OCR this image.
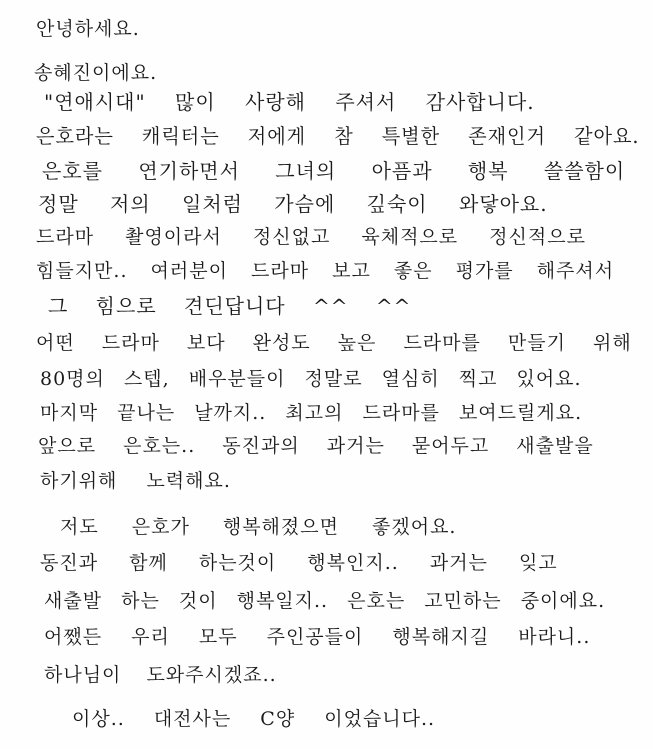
안녕하세요.
송혜진이에요.
"연애시대" 많이 사랑해 주셔서 감사합니다.
은호라는 캐릭터는 저에게 참 특별한 존재인거 같아요.
은호를 연기하면서 그녀의 아픔과 행복 쓸쓸함이
정말 저의 일처럼 가슴에 깊숙이 와닿아요.
드라마 촬영이라서 정신없고 육체적으로 정신적으로
힘들지만.. 여러분이 드라마 보고 좋은 평가를 해주셔서
그 힘으로 견딘답니다 ^^ ^^
어떤 드라마 보다 완성도 높은 드라마를 만들기 위해
80명의 스텝, 배우분들이 정말로 열심히 찍고 있어요.
마지막 끝나는 날까지.. 최고의 드라마를 보여드릴게요.
앞으로 은호는.. 동진과의 과거는 묻어두고 새출발을
하기위해 노력해요.
저도 은호가 행복해졌으면 좋겠어요.
동진과 함께 하는것이 행복인지.. 과거는 잊고
새출발 하는 것이 행복일지.. 은호는 고민하는 중이에요.
어쨌든 우리 모두 주인공들이 행복해지길 바라니..
하나님이 도와주시겠죠..
이상.. 대전사는 C양 이었습니다..
